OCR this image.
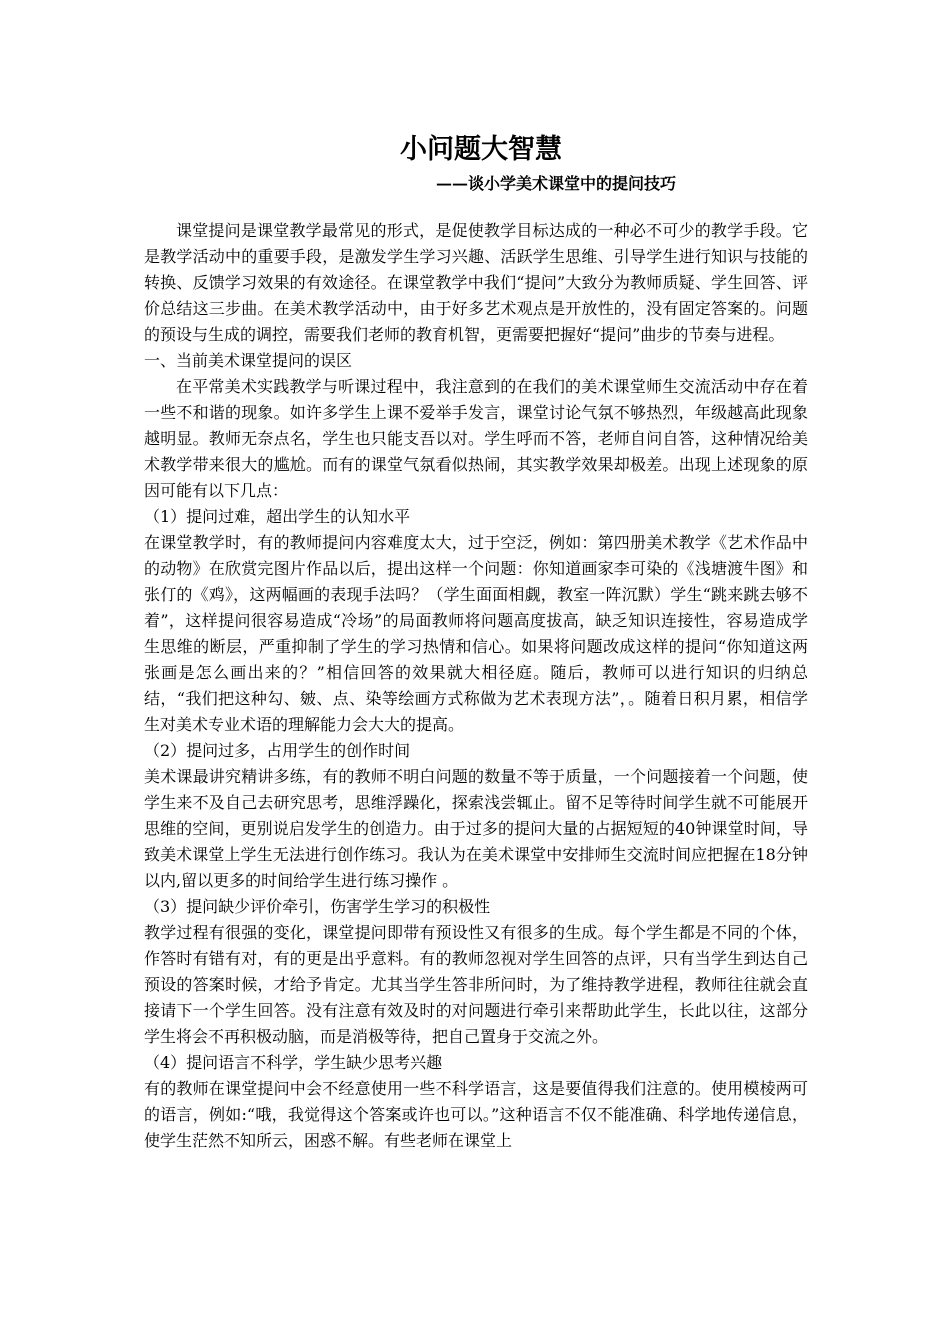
小问题大智慧
——谈小学美术课堂中的提问技巧

课堂提问是课堂教学最常见的形式，是促使教学目标达成的一种必不可少的教学手段。它是教学活动中的重要手段，是激发学生学习兴趣、活跃学生思维、引导学生进行知识与技能的转换、反馈学习效果的有效途径。在课堂教学中我们“提问”大致分为教师质疑、学生回答、评价总结这三步曲。在美术教学活动中，由于好多艺术观点是开放性的，没有固定答案的。问题的预设与生成的调控，需要我们老师的教育机智，更需要把握好“提问”曲步的节奏与进程。

一、当前美术课堂提问的误区

在平常美术实践教学与听课过程中，我注意到的在我们的美术课堂师生交流活动中存在着一些不和谐的现象。如许多学生上课不爱举手发言，课堂讨论气氛不够热烈，年级越高此现象越明显。教师无奈点名，学生也只能支吾以对。学生呼而不答，老师自问自答，这种情况给美术教学带来很大的尴尬。而有的课堂气氛看似热闹，其实教学效果却极差。出现上述现象的原因可能有以下几点：

（1）提问过难，超出学生的认知水平

在课堂教学时，有的教师提问内容难度太大，过于空泛，例如：第四册美术教学《艺术作品中的动物》在欣赏完图片作品以后，提出这样一个问题：你知道画家李可染的《浅塘渡牛图》和张仃的《鸡》，这两幅画的表现手法吗？（学生面面相觑，教室一阵沉默）学生“跳来跳去够不着”，这样提问很容易造成“冷场”的局面教师将问题高度拔高，缺乏知识连接性，容易造成学生思维的断层，严重抑制了学生的学习热情和信心。如果将问题改成这样的提问“你知道这两张画是怎么画出来的？”相信回答的效果就大相径庭。随后，教师可以进行知识的归纳总结，“我们把这种勾、皴、点、染等绘画方式称做为艺术表现方法”，。随着日积月累，相信学生对美术专业术语的理解能力会大大的提高。

（2）提问过多，占用学生的创作时间

美术课最讲究精讲多练，有的教师不明白问题的数量不等于质量，一个问题接着一个问题，使学生来不及自己去研究思考，思维浮躁化，探索浅尝辄止。留不足等待时间学生就不可能展开思维的空间，更别说启发学生的创造力。由于过多的提问大量的占据短短的40钟课堂时间，导致美术课堂上学生无法进行创作练习。我认为在美术课堂中安排师生交流时间应把握在18分钟以内,留以更多的时间给学生进行练习操作 。

（3）提问缺少评价牵引，伤害学生学习的积极性

教学过程有很强的变化，课堂提问即带有预设性又有很多的生成。每个学生都是不同的个体，作答时有错有对，有的更是出乎意料。有的教师忽视对学生回答的点评，只有当学生到达自己预设的答案时候，才给予肯定。尤其当学生答非所问时，为了维持教学进程，教师往往就会直接请下一个学生回答。没有注意有效及时的对问题进行牵引来帮助此学生，长此以往，这部分学生将会不再积极动脑，而是消极等待，把自己置身于交流之外。

（4）提问语言不科学，学生缺少思考兴趣

有的教师在课堂提问中会不经意使用一些不科学语言，这是要值得我们注意的。使用模棱两可的语言，例如:“哦，我觉得这个答案或许也可以。”这种语言不仅不能准确、科学地传递信息，使学生茫然不知所云，困惑不解。有些老师在课堂上
